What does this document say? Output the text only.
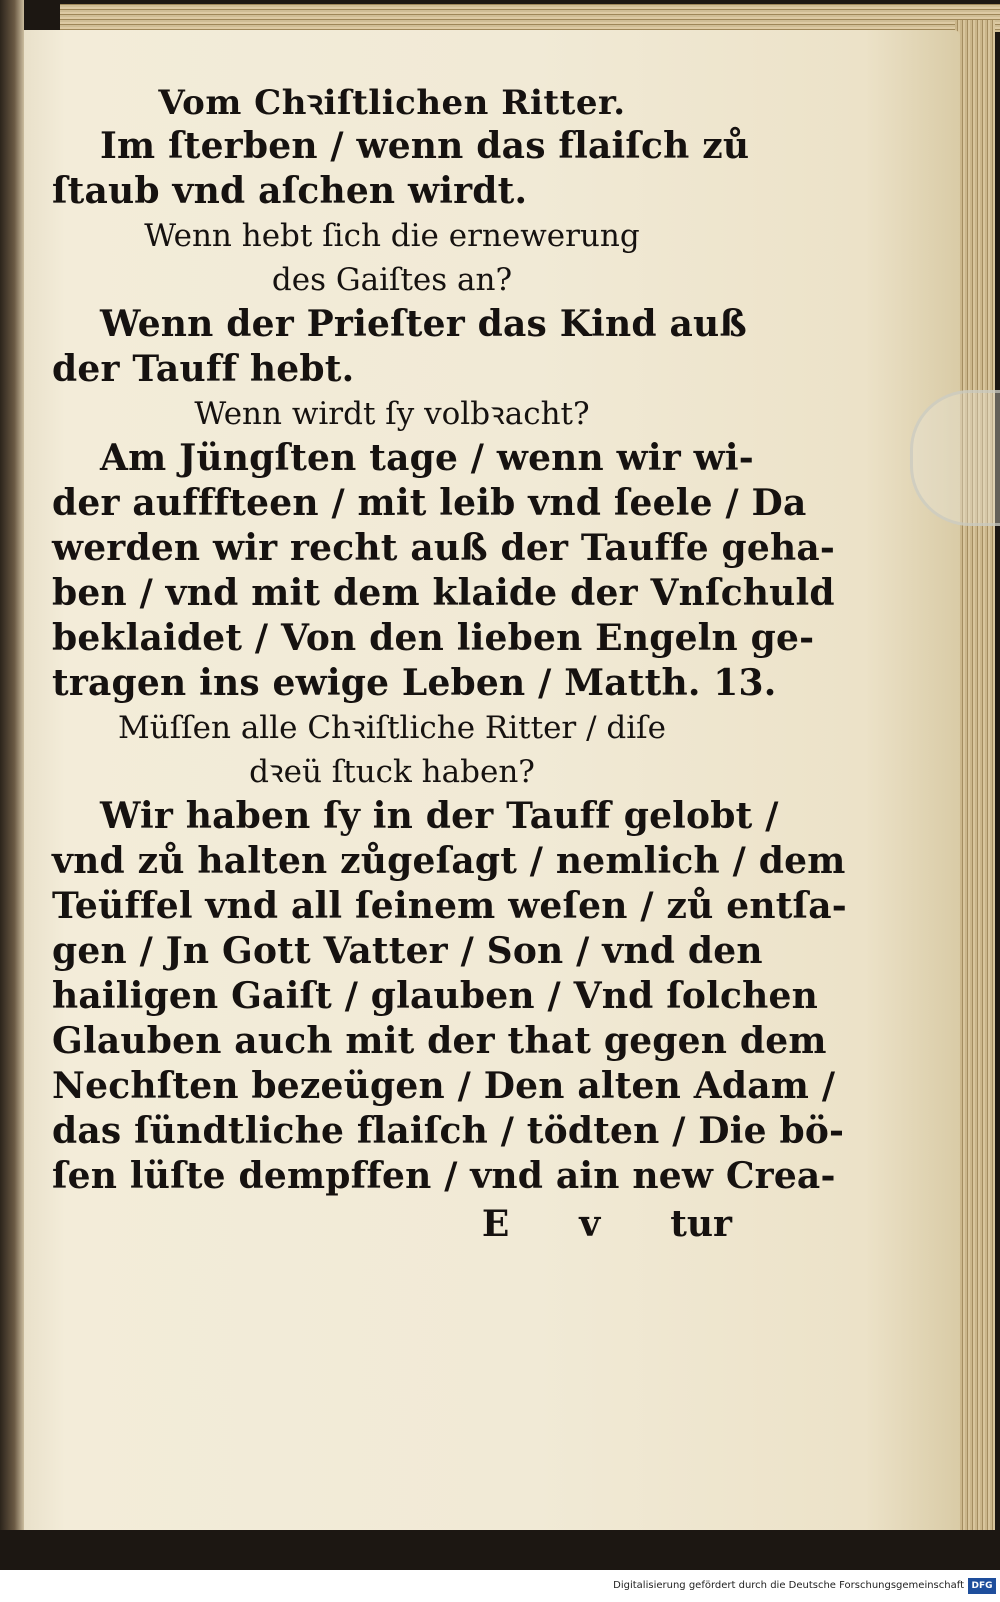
Vom Chꝛiſtlichen Ritter.

Im ſterben / wenn das flaiſch zů

ſtaub vnd aſchen wirdt.

Wenn hebt ſich die ernewerung

des Gaiſtes an?

Wenn der Prieſter das Kind auß

der Tauff hebt.

Wenn wirdt ſy volbꝛacht?

Am Jüngſten tage / wenn wir wi-

der aufffteen / mit leib vnd ſeele / Da

werden wir recht auß der Tauffe geha-

ben / vnd mit dem klaide der Vnſchuld

beklaidet / Von den lieben Engeln ge-

tragen ins ewige Leben / Matth. 13.

Müſſen alle Chꝛiſtliche Ritter / diſe

dꝛeü ſtuck haben?

Wir haben ſy in der Tauff gelobt /

vnd zů halten zůgeſagt / nemlich / dem

Teüffel vnd all ſeinem weſen / zů entſa-

gen / Jn Gott Vatter / Son / vnd den

hailigen Gaiſt / glauben / Vnd ſolchen

Glauben auch mit der that gegen dem

Nechſten bezeügen / Den alten Adam /

das ſündtliche flaiſch / tödten / Die bö-

ſen lüſte dempffen / vnd ain new Crea-

E v tur
Digitalisierung gefördert durch die Deutsche Forschungsgemeinschaft DFG
